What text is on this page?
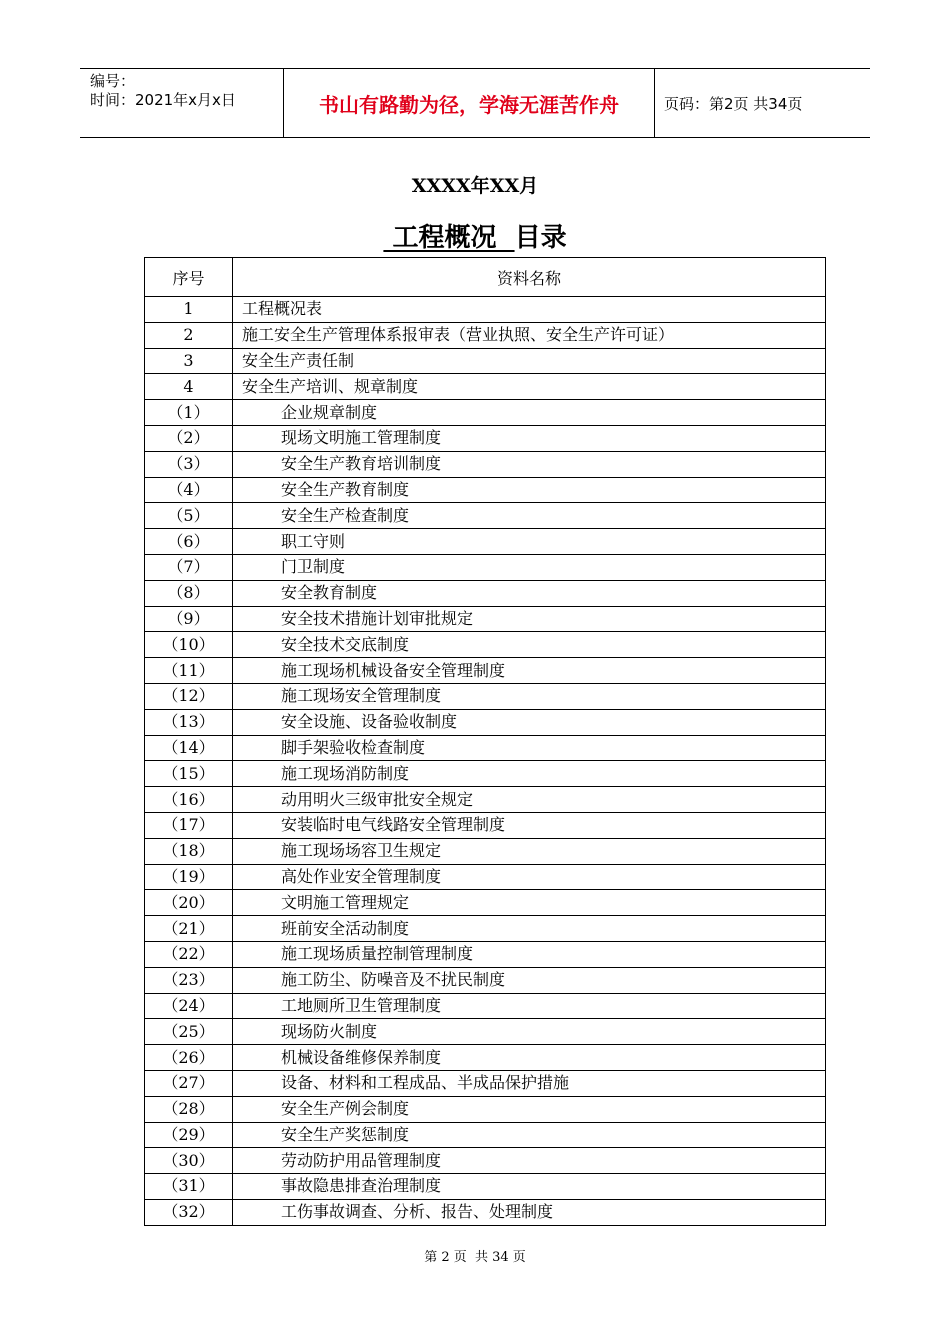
编号：
时间：2021年x月x日	书山有路勤为径，学海无涯苦作舟	页码：第2页 共34页
XXXX年XX月
工程概况  目录
序号	资料名称
1	工程概况表
2	施工安全生产管理体系报审表（营业执照、安全生产许可证）
3	安全生产责任制
4	安全生产培训、规章制度
（1）	企业规章制度
（2）	现场文明施工管理制度
（3）	安全生产教育培训制度
（4）	安全生产教育制度
（5）	安全生产检查制度
（6）	职工守则
（7）	门卫制度
（8）	安全教育制度
（9）	安全技术措施计划审批规定
（10）	安全技术交底制度
（11）	施工现场机械设备安全管理制度
（12）	施工现场安全管理制度
（13）	安全设施、设备验收制度
（14）	脚手架验收检查制度
（15）	施工现场消防制度
（16）	动用明火三级审批安全规定
（17）	安装临时电气线路安全管理制度
（18）	施工现场场容卫生规定
（19）	高处作业安全管理制度
（20）	文明施工管理规定
（21）	班前安全活动制度
（22）	施工现场质量控制管理制度
（23）	施工防尘、防噪音及不扰民制度
（24）	工地厕所卫生管理制度
（25）	现场防火制度
（26）	机械设备维修保养制度
（27）	设备、材料和工程成品、半成品保护措施
（28）	安全生产例会制度
（29）	安全生产奖惩制度
（30）	劳动防护用品管理制度
（31）	事故隐患排查治理制度
（32）	工伤事故调查、分析、报告、处理制度
第 2 页  共 34 页
